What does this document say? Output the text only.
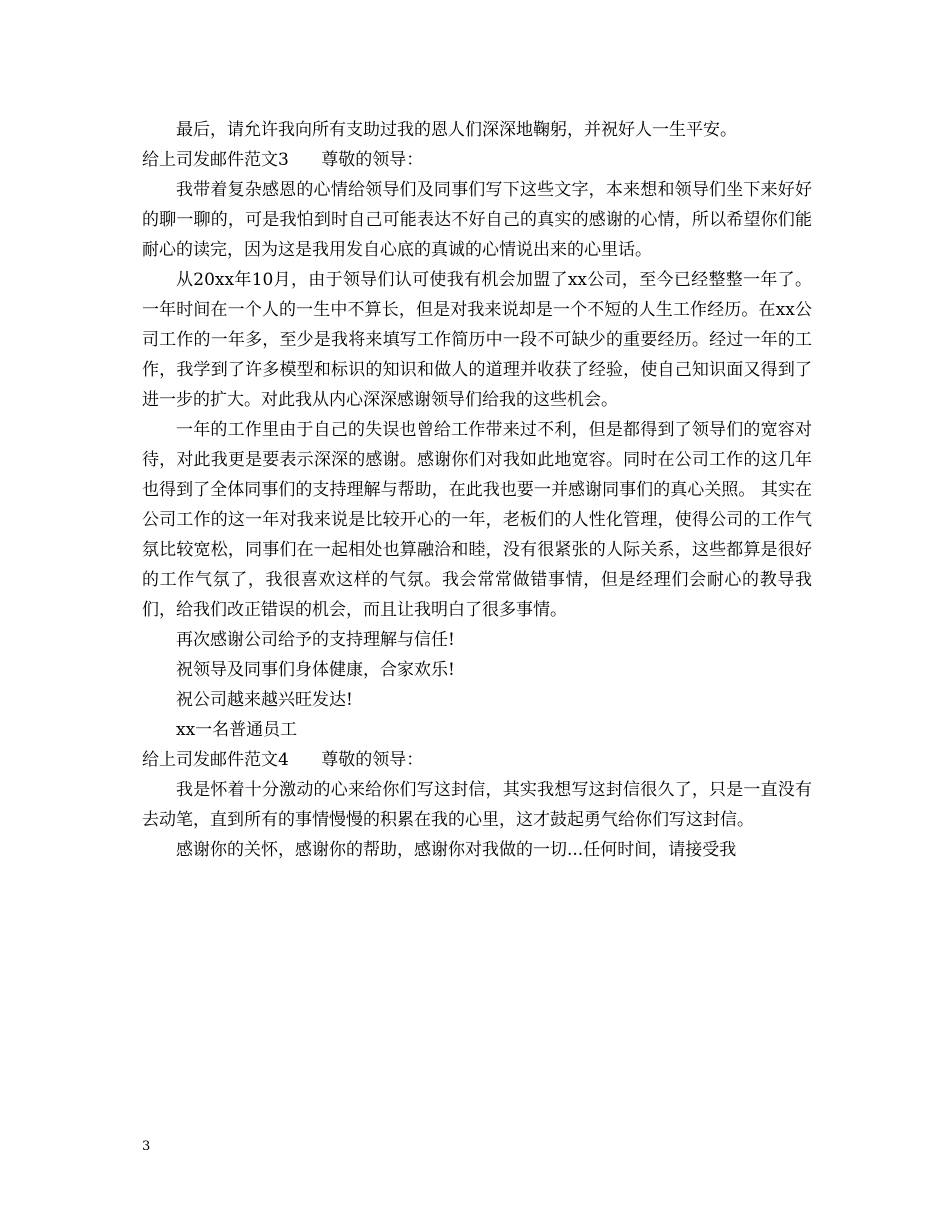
最后，请允许我向所有支助过我的恩人们深深地鞠躬，并祝好人一生平安。

给上司发邮件范文3      尊敬的领导：

我带着复杂感恩的心情给领导们及同事们写下这些文字，本来想和领导们坐下来好好的聊一聊的，可是我怕到时自己可能表达不好自己的真实的感谢的心情，所以希望你们能耐心的读完，因为这是我用发自心底的真诚的心情说出来的心里话。

从20xx年10月，由于领导们认可使我有机会加盟了xx公司，至今已经整整一年了。一年时间在一个人的一生中不算长，但是对我来说却是一个不短的人生工作经历。在xx公司工作的一年多，至少是我将来填写工作简历中一段不可缺少的重要经历。经过一年的工作，我学到了许多模型和标识的知识和做人的道理并收获了经验，使自己知识面又得到了进一步的扩大。对此我从内心深深感谢领导们给我的这些机会。

一年的工作里由于自己的失误也曾给工作带来过不利，但是都得到了领导们的宽容对待，对此我更是要表示深深的感谢。感谢你们对我如此地宽容。同时在公司工作的这几年也得到了全体同事们的支持理解与帮助，在此我也要一并感谢同事们的真心关照。 其实在公司工作的这一年对我来说是比较开心的一年，老板们的人性化管理，使得公司的工作气氛比较宽松，同事们在一起相处也算融洽和睦，没有很紧张的人际关系，这些都算是很好的工作气氛了，我很喜欢这样的气氛。我会常常做错事情，但是经理们会耐心的教导我们，给我们改正错误的机会，而且让我明白了很多事情。

再次感谢公司给予的支持理解与信任!

祝领导及同事们身体健康，合家欢乐!

祝公司越来越兴旺发达!

xx一名普通员工

给上司发邮件范文4      尊敬的领导：

我是怀着十分激动的心来给你们写这封信，其实我想写这封信很久了，只是一直没有去动笔，直到所有的事情慢慢的积累在我的心里，这才鼓起勇气给你们写这封信。

感谢你的关怀，感谢你的帮助，感谢你对我做的一切...任何时间，请接受我

3
